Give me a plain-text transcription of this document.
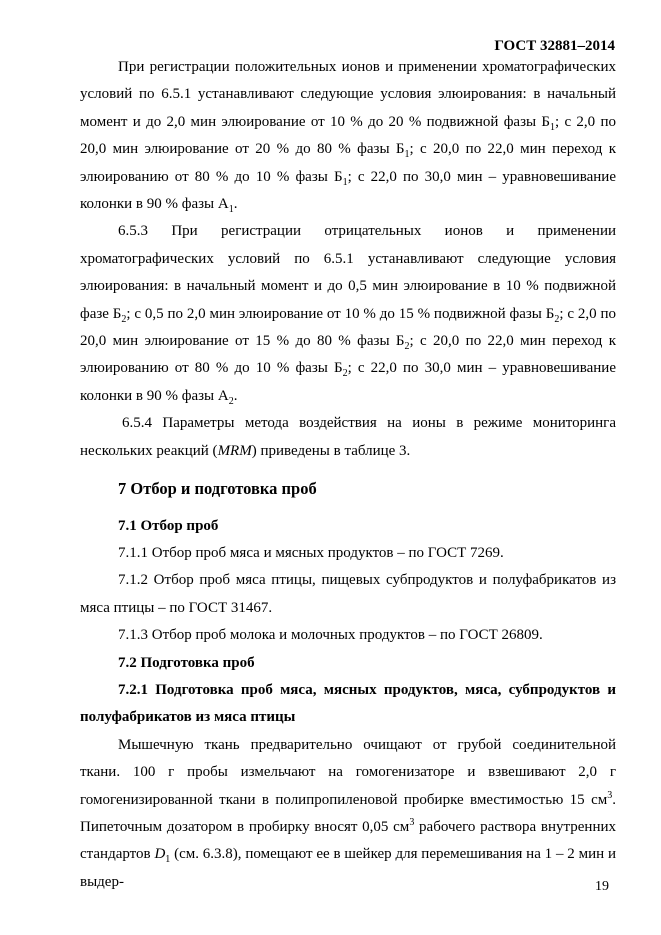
ГОСТ 32881–2014

При регистрации положительных ионов и применении хроматографических условий по 6.5.1 устанавливают следующие условия элюирования: в начальный момент и до 2,0 мин элюирование от 10 % до 20 % подвижной фазы $Б_1$; с 2,0 по 20,0 мин элюирование от 20 % до 80 % фазы $Б_1$; с 20,0 по 22,0 мин переход к элюированию от 80 % до 10 % фазы $Б_1$; с 22,0 по 30,0 мин – уравновешивание колонки в 90 % фазы $А_1$.

6.5.3 При регистрации отрицательных ионов и применении хроматографических условий по 6.5.1 устанавливают следующие условия элюирования: в начальный момент и до 0,5 мин элюирование в 10 % подвижной фазе $Б_2$; с 0,5 по 2,0 мин элюирование от 10 % до 15 % подвижной фазы $Б_2$; с 2,0 по 20,0 мин элюирование от 15 % до 80 % фазы $Б_2$; с 20,0 по 22,0 мин переход к элюированию от 80 % до 10 % фазы $Б_2$; с 22,0 по 30,0 мин – уравновешивание колонки в 90 % фазы $А_2$.

6.5.4 Параметры метода воздействия на ионы в режиме мониторинга нескольких реакций (MRM) приведены в таблице 3.

7 Отбор и подготовка проб

7.1 Отбор проб

7.1.1 Отбор проб мяса и мясных продуктов – по ГОСТ 7269.

7.1.2 Отбор проб мяса птицы, пищевых субпродуктов и полуфабрикатов из мяса птицы – по ГОСТ 31467.

7.1.3 Отбор проб молока и молочных продуктов – по ГОСТ 26809.

7.2 Подготовка проб

7.2.1 Подготовка проб мяса, мясных продуктов, мяса, субпродуктов и полуфабрикатов из мяса птицы

Мышечную ткань предварительно очищают от грубой соединительной ткани. 100 г пробы измельчают на гомогенизаторе и взвешивают 2,0 г гомогенизированной ткани в полипропиленовой пробирке вместимостью 15 $см^3$. Пипеточным дозатором в пробирку вносят 0,05 $см^3$ рабочего раствора внутренних стандартов $D_1$ (см. 6.3.8), помещают ее в шейкер для перемешивания на 1 – 2 мин и выдер-	19
